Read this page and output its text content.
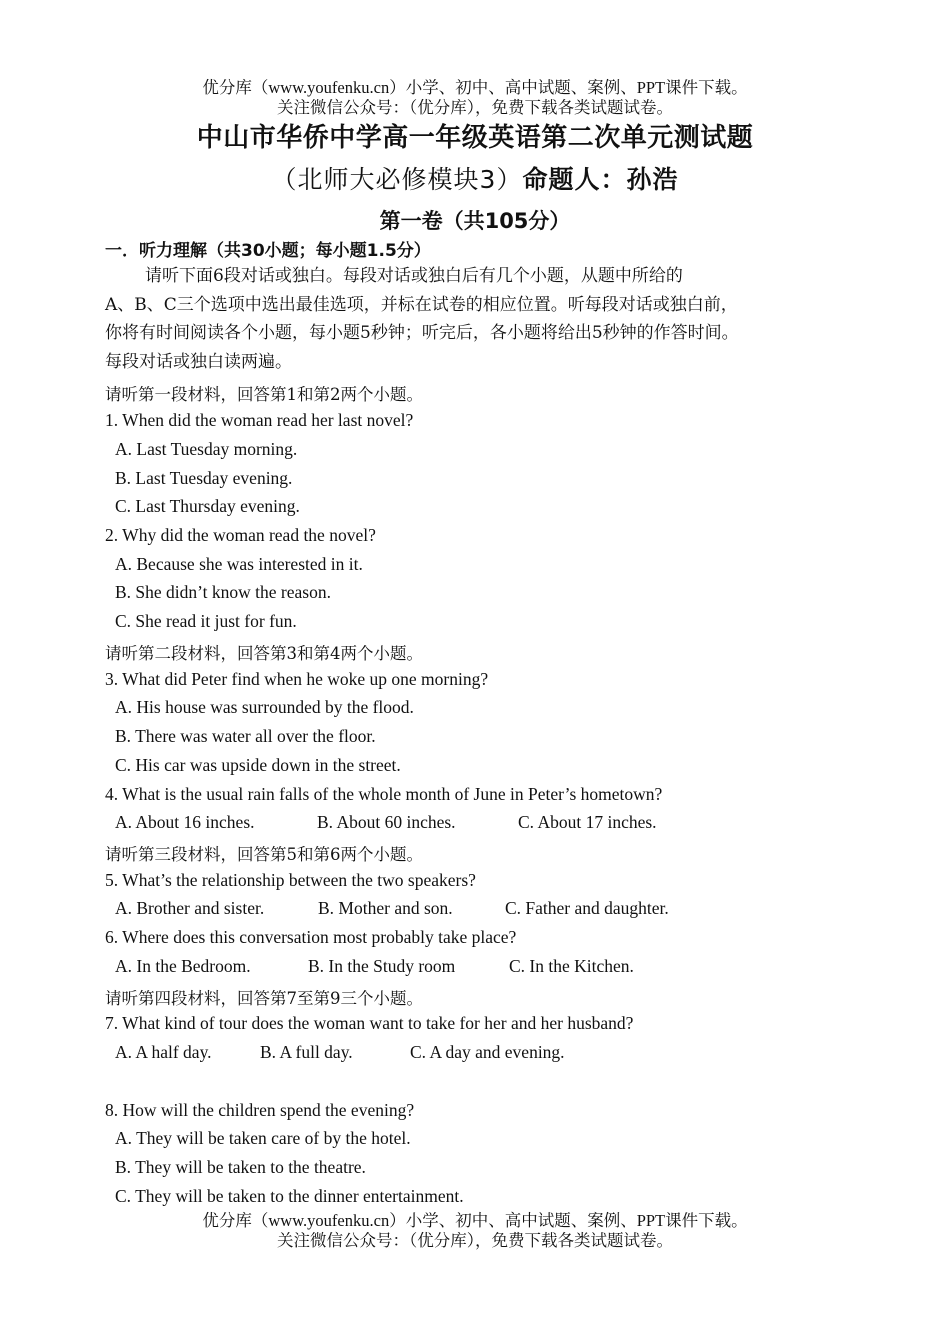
优分库（www.youfenku.cn）小学、初中、高中试题、案例、PPT课件下载。
关注微信公众号：（优分库），免费下载各类试题试卷。
中山市华侨中学高一年级英语第二次单元测试题
（北师大必修模块3）命题人：孙浩
第一卷（共105分）
一．听力理解（共30小题；每小题1.5分）

请听下面6段对话或独白。每段对话或独白后有几个小题，从题中所给的

A、B、C三个选项中选出最佳选项，并标在试卷的相应位置。听每段对话或独白前，

你将有时间阅读各个小题，每小题5秒钟；听完后，各小题将给出5秒钟的作答时间。

每段对话或独白读两遍。

请听第一段材料，回答第1和第2两个小题。
1. When did the woman read her last novel?
A. Last Tuesday morning.
B. Last Tuesday evening.
C. Last Thursday evening.
2. Why did the woman read the novel?
A. Because she was interested in it.
B. She didn’t know the reason.
C. She read it just for fun.
请听第二段材料，回答第3和第4两个小题。
3. What did Peter find when he woke up one morning?
A. His house was surrounded by the flood.
B. There was water all over the floor.
C. His car was upside down in the street.
4. What is the usual rain falls of the whole month of June in Peter’s hometown?
A. About 16 inches.	B. About 60 inches.	C. About 17 inches.
请听第三段材料，回答第5和第6两个小题。
5. What’s the relationship between the two speakers?
A. Brother and sister.	B. Mother and son.	C. Father and daughter.
6. Where does this conversation most probably take place?
A. In the Bedroom.	B. In the Study room	C. In the Kitchen.
请听第四段材料，回答第7至第9三个小题。
7. What kind of tour does the woman want to take for her and her husband?
A. A half day.	B. A full day.	C. A day and evening.
8. How will the children spend the evening?
A. They will be taken care of by the hotel.
B. They will be taken to the theatre.
C. They will be taken to the dinner entertainment.
优分库（www.youfenku.cn）小学、初中、高中试题、案例、PPT课件下载。
关注微信公众号：（优分库），免费下载各类试题试卷。
